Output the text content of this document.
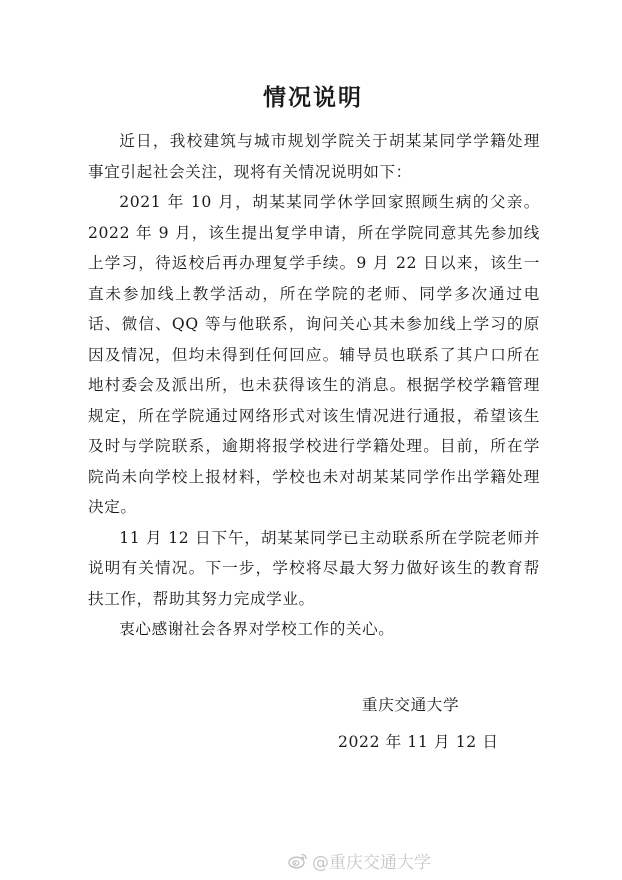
情况说明

近日，我校建筑与城市规划学院关于胡某某同学学籍处理事宜引起社会关注，现将有关情况说明如下：

2021 年 10 月，胡某某同学休学回家照顾生病的父亲。2022 年 9 月，该生提出复学申请，所在学院同意其先参加线上学习，待返校后再办理复学手续。9 月 22 日以来，该生一直未参加线上教学活动，所在学院的老师、同学多次通过电话、微信、QQ 等与他联系，询问关心其未参加线上学习的原因及情况，但均未得到任何回应。辅导员也联系了其户口所在地村委会及派出所，也未获得该生的消息。根据学校学籍管理规定，所在学院通过网络形式对该生情况进行通报，希望该生及时与学院联系，逾期将报学校进行学籍处理。目前，所在学院尚未向学校上报材料，学校也未对胡某某同学作出学籍处理决定。

11 月 12 日下午，胡某某同学已主动联系所在学院老师并说明有关情况。下一步，学校将尽最大努力做好该生的教育帮扶工作，帮助其努力完成学业。

衷心感谢社会各界对学校工作的关心。

重庆交通大学
2022 年 11 月 12 日
@重庆交通大学
